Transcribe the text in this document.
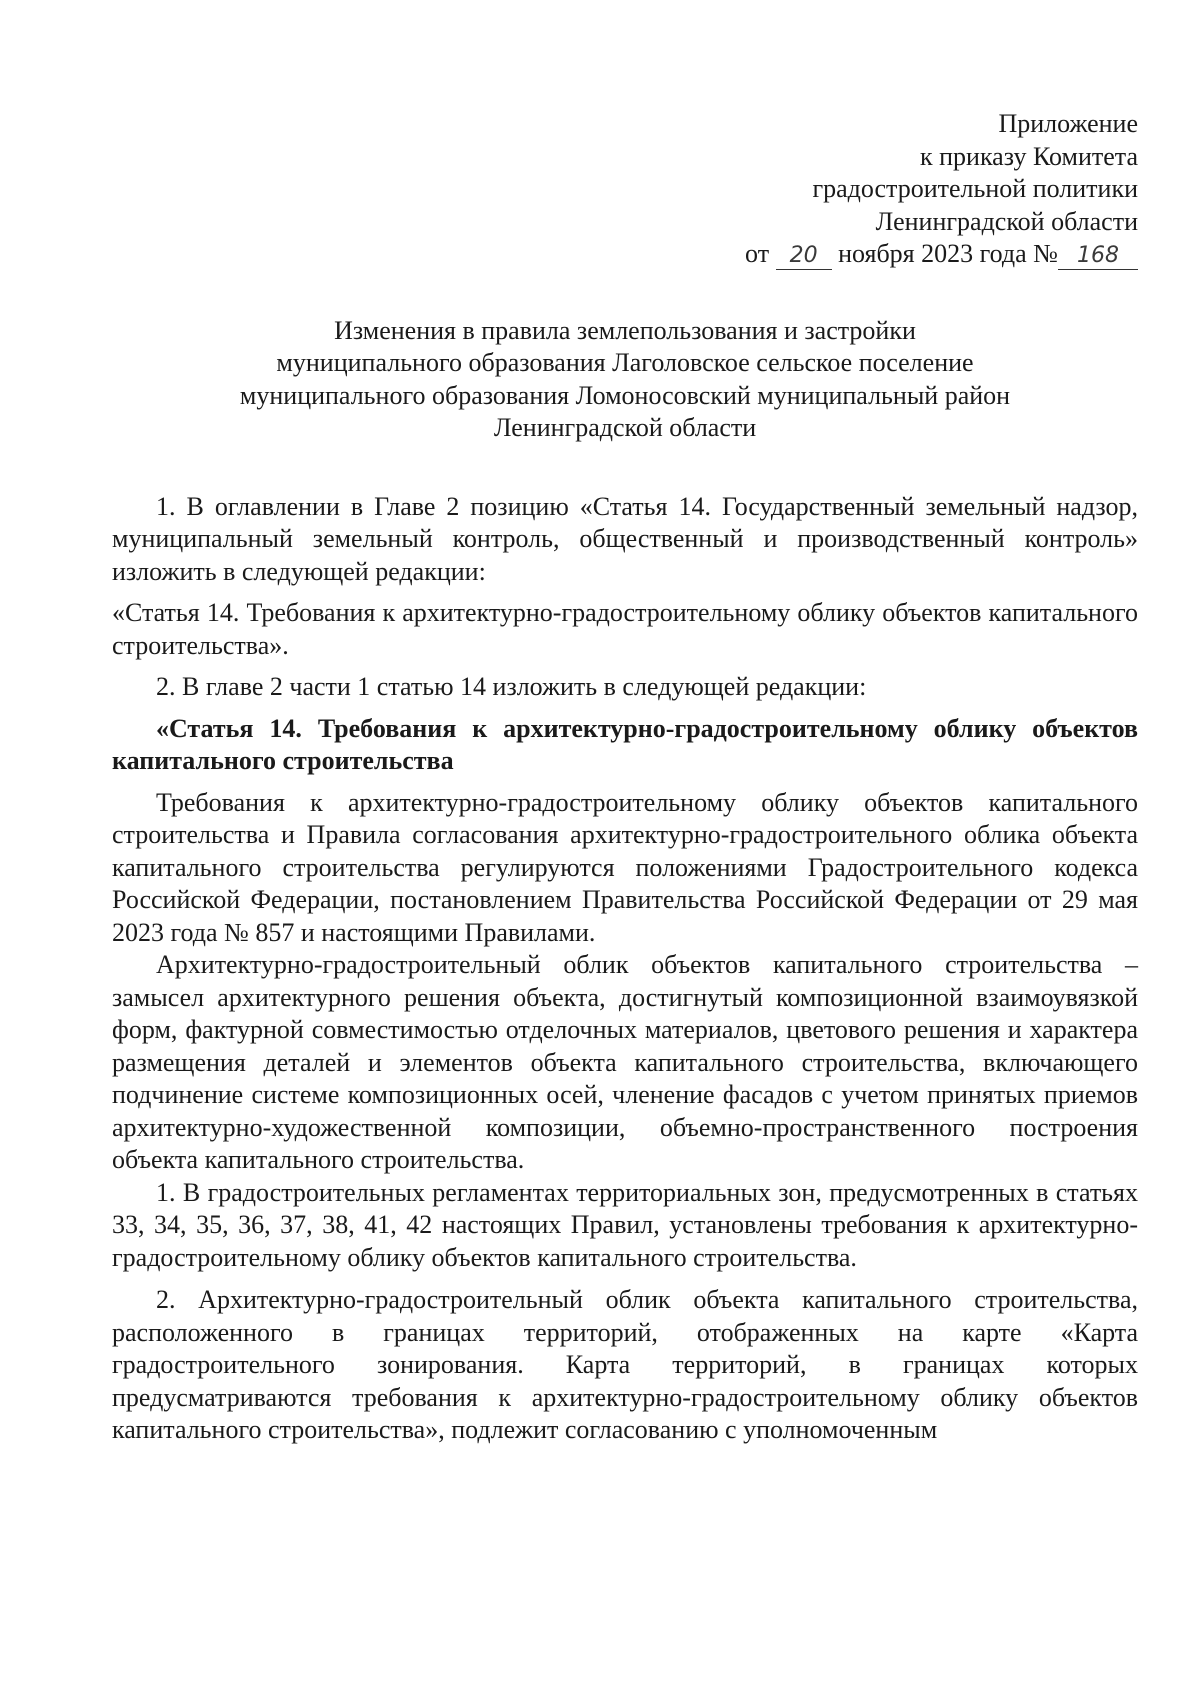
Приложение
к приказу Комитета
градостроительной политики
Ленинградской области
от 20 ноября 2023 года № 168
Изменения в правила землепользования и застройки
муниципального образования Лаголовское сельское поселение
муниципального образования Ломоносовский муниципальный район
Ленинградской области

1. В оглавлении в Главе 2 позицию «Статья 14. Государственный земельный надзор, муниципальный земельный контроль, общественный и производственный контроль» изложить в следующей редакции:

«Статья 14. Требования к архитектурно-градостроительному облику объектов капитального строительства».

2. В главе 2 части 1 статью 14 изложить в следующей редакции:

«Статья 14. Требования к архитектурно-градостроительному облику объектов капитального строительства

Требования к архитектурно-градостроительному облику объектов капитального строительства и Правила согласования архитектурно-градостроительного облика объекта капитального строительства регулируются положениями Градостроительного кодекса Российской Федерации, постановлением Правительства Российской Федерации от 29 мая 2023 года № 857 и настоящими Правилами.

Архитектурно-градостроительный облик объектов капитального строительства – замысел архитектурного решения объекта, достигнутый композиционной взаимоувязкой форм, фактурной совместимостью отделочных материалов, цветового решения и характера размещения деталей и элементов объекта капитального строительства, включающего подчинение системе композиционных осей, членение фасадов с учетом принятых приемов архитектурно-художественной композиции, объемно-пространственного построения объекта капитального строительства.

1. В градостроительных регламентах территориальных зон, предусмотренных в статьях 33, 34, 35, 36, 37, 38, 41, 42 настоящих Правил, установлены требования к архитектурно-градостроительному облику объектов капитального строительства.

2. Архитектурно-градостроительный облик объекта капитального строительства, расположенного в границах территорий, отображенных на карте «Карта градостроительного зонирования. Карта территорий, в границах которых предусматриваются требования к архитектурно-градостроительному облику объектов капитального строительства», подлежит согласованию с уполномоченным
